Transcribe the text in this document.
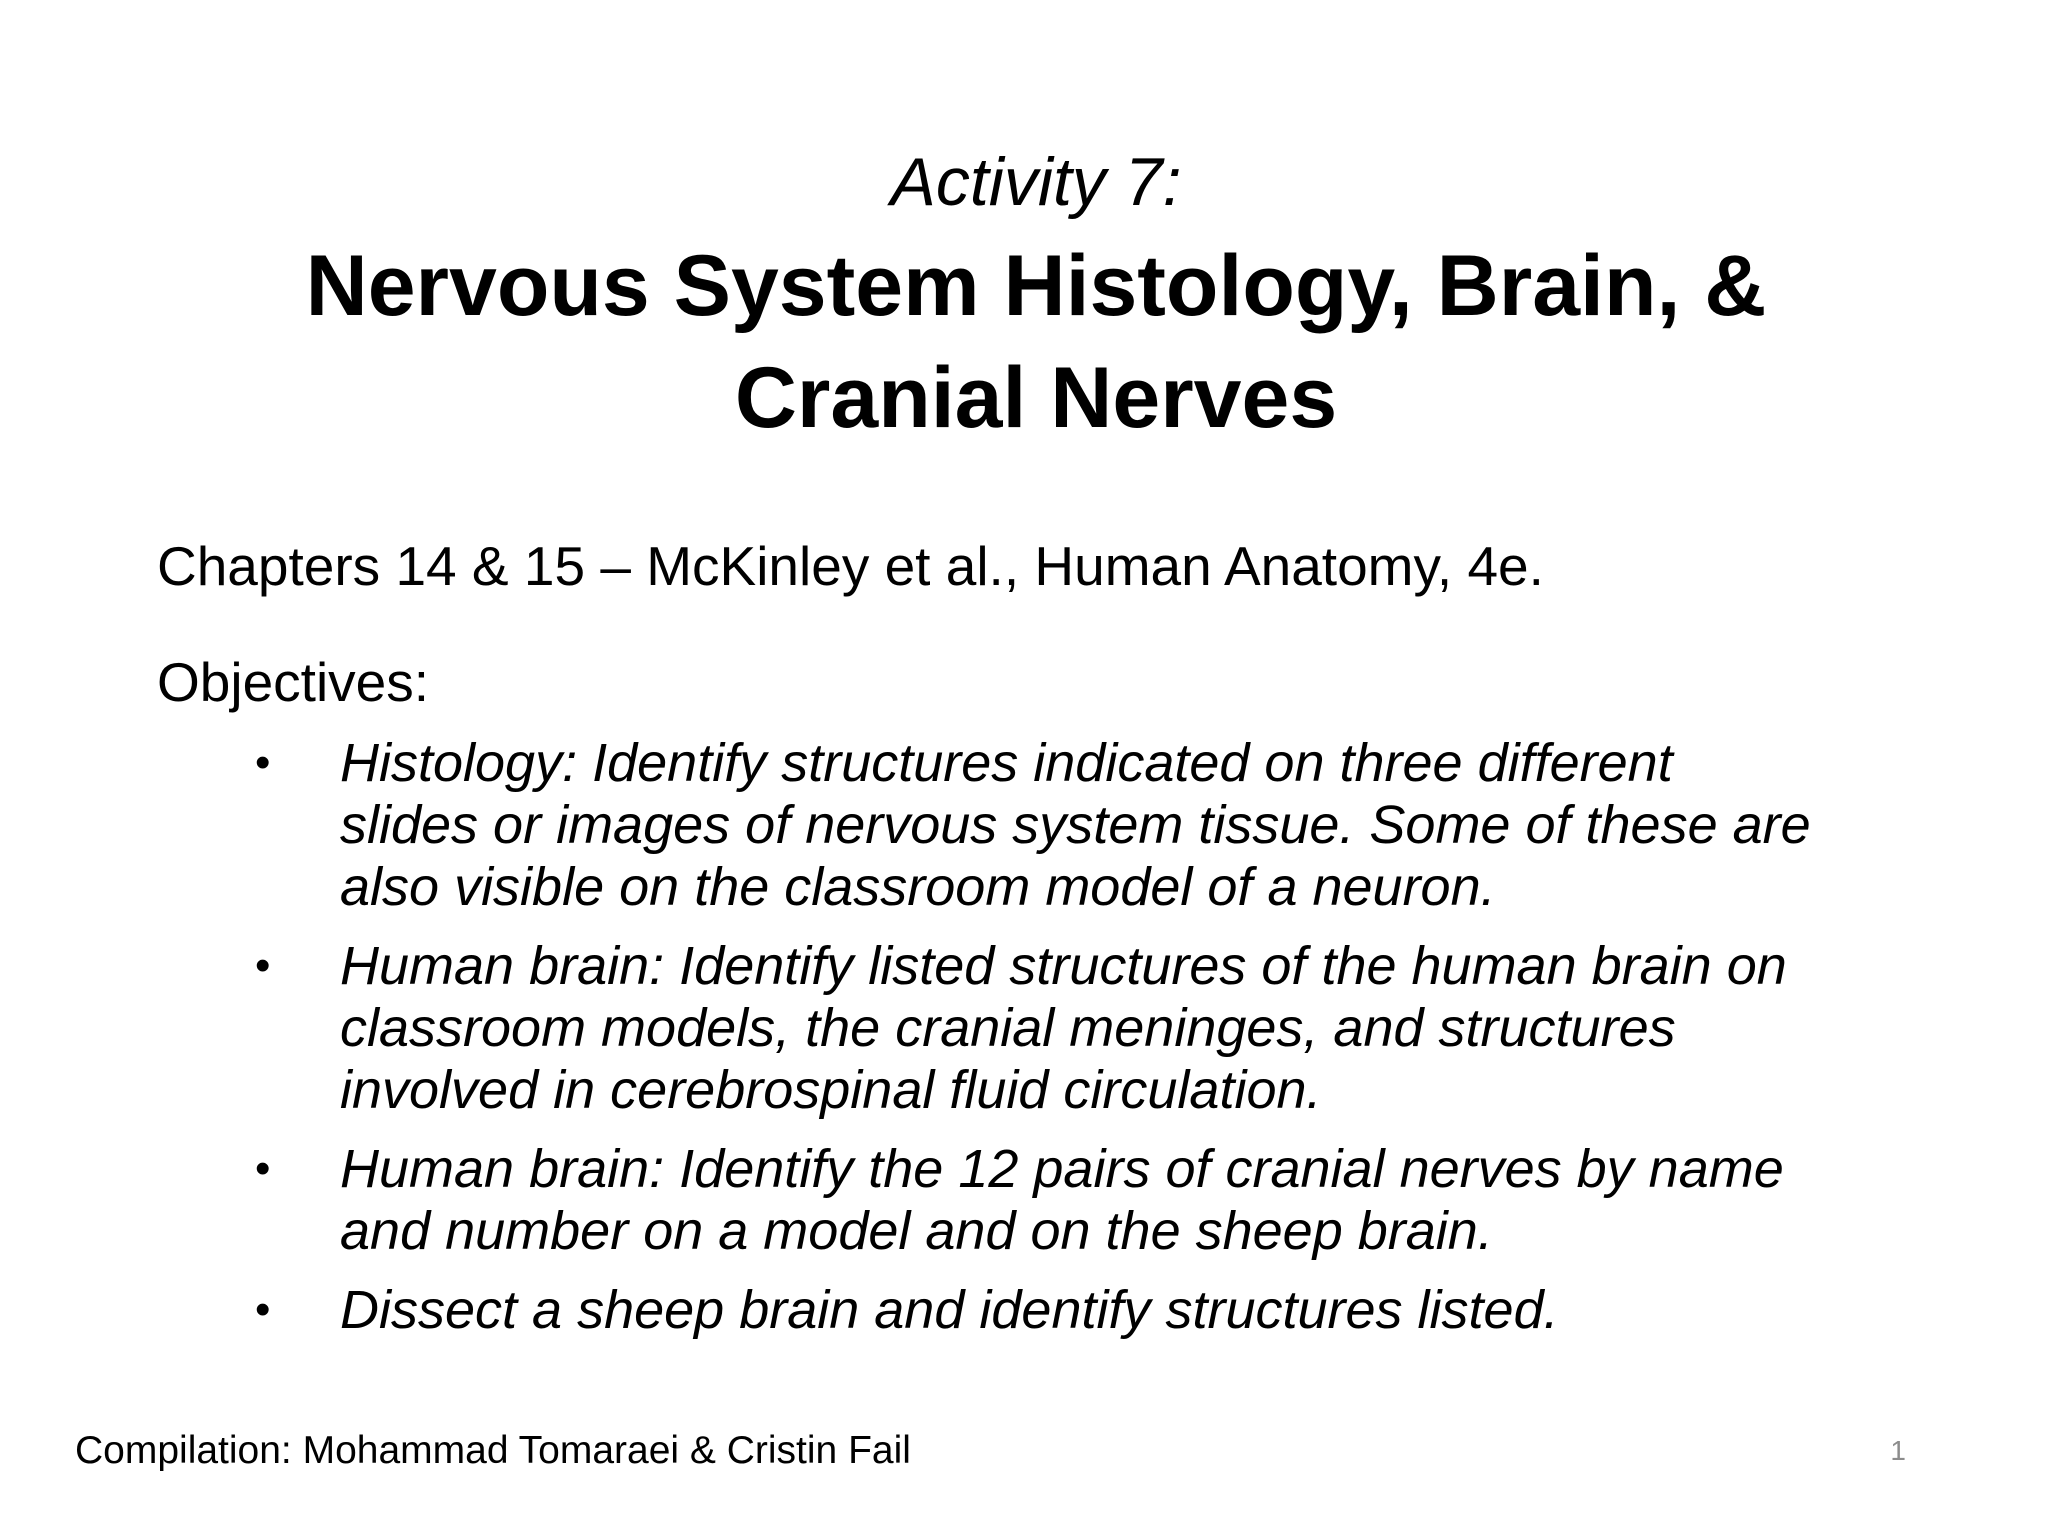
Activity 7:
Nervous System Histology, Brain, &
Cranial Nerves
Chapters 14 & 15 – McKinley et al., Human Anatomy, 4e.
Objectives:
• Histology: Identify structures indicated on three different
slides or images of nervous system tissue. Some of these are
also visible on the classroom model of a neuron.
• Human brain: Identify listed structures of the human brain on
classroom models, the cranial meninges, and structures
involved in cerebrospinal fluid circulation.
• Human brain: Identify the 12 pairs of cranial nerves by name
and number on a model and on the sheep brain.
• Dissect a sheep brain and identify structures listed.
Compilation: Mohammad Tomaraei & Cristin Fail	1
